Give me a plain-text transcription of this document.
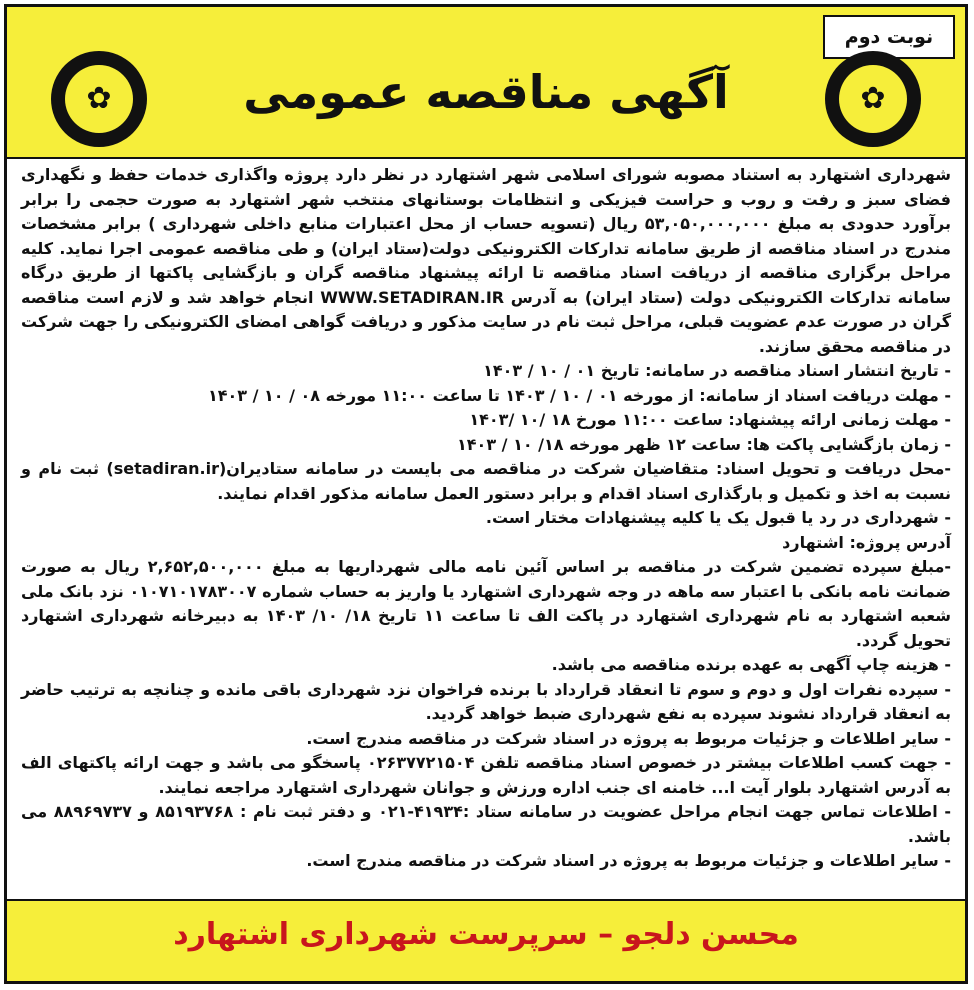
نوبت دوم
✿	آگهی مناقصه عمومی	✿

شهرداری اشتهارد به استناد مصوبه شورای اسلامی شهر اشتهارد در نظر دارد پروژه واگذاری خدمات حفظ و نگهداری فضای سبز و رفت و روب و حراست فیزیکی و انتظامات بوستانهای منتخب شهر اشتهارد به صورت حجمی را برابر برآورد حدودی به مبلغ ۵۳,۰۵۰,۰۰۰,۰۰۰ ریال (تسویه حساب از محل اعتبارات منابع داخلی شهرداری ) برابر مشخصات مندرج در اسناد مناقصه از طریق سامانه تدارکات الکترونیکی دولت(ستاد ایران) و طی مناقصه عمومی اجرا نماید. کلیه مراحل برگزاری مناقصه از دریافت اسناد مناقصه تا ارائه پیشنهاد مناقصه گران و بازگشایی پاکتها از طریق درگاه سامانه تدارکات الکترونیکی دولت (ستاد ایران) به آدرس WWW.SETADIRAN.IR انجام خواهد شد و لازم است مناقصه گران در صورت عدم عضویت قبلی، مراحل ثبت نام در سایت مذکور و دریافت گواهی امضای الکترونیکی را جهت شرکت در مناقصه محقق سازند.

- تاریخ انتشار اسناد مناقصه در سامانه: تاریخ ۰۱ / ۱۰ / ۱۴۰۳

- مهلت دریافت اسناد از سامانه: از مورخه ۰۱ / ۱۰ / ۱۴۰۳ تا ساعت ۱۱:۰۰ مورخه ۰۸ / ۱۰ / ۱۴۰۳

- مهلت زمانی ارائه پیشنهاد: ساعت ۱۱:۰۰ مورخ ۱۸ /۱۰ /۱۴۰۳

- زمان بازگشایی پاکت ها: ساعت ۱۲ ظهر مورخه ۱۸/ ۱۰ / ۱۴۰۳

-محل دریافت و تحویل اسناد: متقاضیان شرکت در مناقصه می بایست در سامانه ستادیران(setadiran.ir) ثبت نام و نسبت به اخذ و تکمیل و بارگذاری اسناد اقدام و برابر دستور العمل سامانه مذکور اقدام نمایند.

- شهرداری در رد یا قبول یک یا کلیه پیشنهادات مختار است.

آدرس پروژه: اشتهارد

-مبلغ سپرده تضمین شرکت در مناقصه بر اساس آئین نامه مالی شهرداریها به مبلغ ۲,۶۵۲,۵۰۰,۰۰۰ ریال به صورت ضمانت نامه بانکی با اعتبار سه ماهه در وجه شهرداری اشتهارد یا واریز به حساب شماره ۰۱۰۷۱۰۱۷۸۳۰۰۷ نزد بانک ملی شعبه اشتهارد به نام شهرداری اشتهارد در پاکت الف تا ساعت ۱۱ تاریخ ۱۸/ ۱۰/ ۱۴۰۳ به دبیرخانه شهرداری اشتهارد تحویل گردد.

- هزینه چاپ آگهی به عهده برنده مناقصه می باشد.

- سپرده نفرات اول و دوم و سوم تا انعقاد قرارداد با برنده فراخوان نزد شهرداری باقی مانده و چنانچه به ترتیب حاضر به انعقاد قرارداد نشوند سپرده به نفع شهرداری ضبط خواهد گردید.

- سایر اطلاعات و جزئیات مربوط به پروژه در اسناد شرکت در مناقصه مندرج است.

- جهت کسب اطلاعات بیشتر در خصوص اسناد مناقصه تلفن ۰۲۶۳۷۷۲۱۵۰۴ پاسخگو می باشد و جهت ارائه پاکتهای الف به آدرس اشتهارد بلوار آیت ا... خامنه ای جنب اداره ورزش و جوانان شهرداری اشتهارد مراجعه نمایند.

- اطلاعات تماس جهت انجام مراحل عضویت در سامانه ستاد :۴۱۹۳۴-۰۲۱ و دفتر ثبت نام : ۸۵۱۹۳۷۶۸ و ۸۸۹۶۹۷۳۷ می باشد.

- سایر اطلاعات و جزئیات مربوط به پروژه در اسناد شرکت در مناقصه مندرج است.

محسن دلجو – سرپرست شهرداری اشتهارد
